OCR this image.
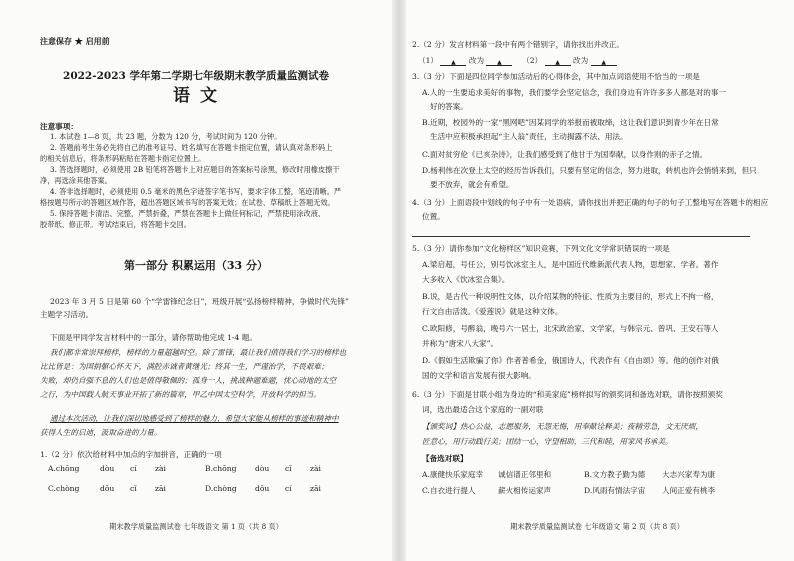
注意保存 ★ 启用前
2022-2023 学年第二学期七年级期末教学质量监测试卷
语 文
注意事项：
1. 本试卷 1—8 页，共 23 题，分数为 120 分，考试时间为 120 分钟。
2. 答题前考生务必先将自己的准考证号、姓名填写在答题卡指定位置，请认真对条形码上
的相关信息后，将条形码粘贴在答题卡指定位置上。
3. 答选择题时，必须使用 2B 铅笔将答题卡上对应题目的答案标号涂黑，修改时用橡皮擦干
净，再选涂其他答案。
4. 答非选择题时，必须使用 0.5 毫米的黑色字迹签字笔书写，要求字体工整，笔迹清晰。严
格按题号所示的答题区域作答，超出答题区域书写的答案无效；在试卷、草稿纸上答题无效。
5. 保持答题卡清洁、完整，严禁折叠，严禁在答题卡上做任何标记，严禁使用涂改液、
胶带纸、修正带。考试结束后，将答题卡交回。
第一部分 积累运用（33 分）
2023 年 3 月 5 日是第 60 个“学雷锋纪念日”，班级开展“弘扬榜样精神，争做时代先锋”
主题学习活动。
下面是甲同学发言材料中的一部分，请你帮助他完成 1-4 题。
我们都非常崇拜榜样，榜样的力量超越时空。除了雷锋，最让我们值得我们学习的榜样也
比比皆是：为国捐躯心怀天下，满腔赤诚者黄继光；终其一生，严谨治学，不畏艰难；
失败，却仍自强不息的人们也是值得敬佩的；孤身一人，挑战种题难题，忧心动地的太空
之行，为中国载人航天事业开拓了新的篇章，甲乙中国太空科学，开放科学的担当。
通过本次活动，让我们深切地感受到了榜样的魅力，希望大家能从榜样的事迹和精神中
获得人生的启迪，汲取奋进的力量。
1.（2 分）依次给材料中加点的字加拼音，正确的一项
A.chōng	dòu cí zài	B.chōng dòu cǐ zài
C.chòng	dǒu cǐ zāi	D.chòng dǒu cí zāi
期末教学质量监测试卷 七年级语文 第 1 页（共 8 页）
2.（2 分）发言材料第一段中有两个错别字，请你找出并改正。
（1） ▲ 改为 ▲	（2） ▲ 改为 ▲
3.（3 分）下面是四位同学参加活动后的心得体会，其中加点词语使用不恰当的一项是
A.人的一生要追求美好的事物，我们要学会坚定信念，我们身边有许许多多人都是对的事一
好的答案。
B.近期，校园外的一家“黑网吧”因某同学的举报而被取缔，这让我们意识到青少年在日常
生活中应积极承担起“主人翁”责任，主动揭露不法、用法。
C.面对贫穷伦《已亥杂诗》，让我们感受到了他甘于为国奉献，以身作则的赤子之情。
D.杨利伟在次登上太空的经历告诉我们，只要有坚定的信念，努力进取，转机也许会悄悄来到，但只
要不放弃，就会有希望。
4.（3 分）上面语段中划线的句子中有一处语病，请你找出并把正确的句子的句子工整地写在答题卡的相应
位置。
5.（3 分）请你参加“文化榜样区”知识竞赛，下列文化文学常识错误的一项是
A.梁启超，号任公，别号饮冰室主人，是中国近代维新派代表人物，思想家、学者。著作
大多收入《饮冰室合集》。
B.说，是古代一种说明性文体，以介绍某物的特征、性质为主要目的，形式上不拘一格，
行文自由活泼。《爱莲说》就是这种文体。
C.欧阳修，号醉翁，晚号六一居士，北宋政治家、文学家，与韩宗元、曾巩、王安石等人
并称为“唐宋八大家”。
D.《假如生活欺骗了你》作者普希金，俄国诗人，代表作有《自由颂》等。他的创作对俄
国的文学和语言发展有很大影响。
6.（3 分）下面是甘联小组为身边的“和美家庭”榜样拟写的颁奖词和备选对联，请你按照颁奖
词，选出最适合这个家庭的一副对联
【颁奖词】热心公益，志愿服务，无怨无悔，用奉献诠释美；夜精劳急，文无厌烦，
匠意心，用行动践行美；团结一心，守望相助，三代和睦，用家风书承美。
【备选对联】
A.康健快乐家庭幸 诚信谱正邻里和	B.文方教子勤为德 大志兴家寿为康
C.自衣进行提人	薪火相传运家声	D.风雨有情法字宙 人间正爱有桃李
期末教学质量监测试卷 七年级语文 第 2 页（共 8 页）
